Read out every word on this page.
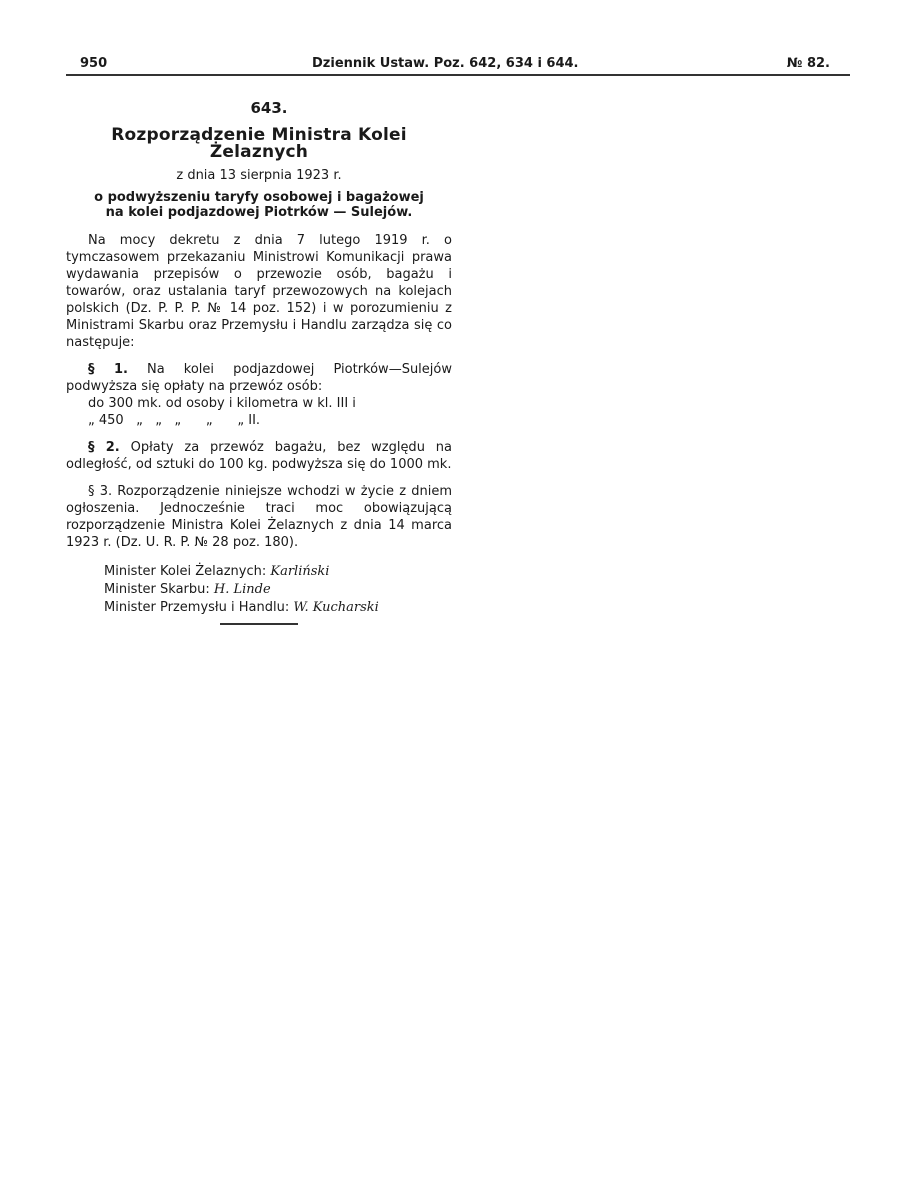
950	Dziennik Ustaw. Poz. 642, 634 i 644.	№ 82.
643.
Rozporządzenie Ministra Kolei Żelaznych
z dnia 13 sierpnia 1923 r.
o podwyższeniu taryfy osobowej i bagażowej
na kolei podjazdowej Piotrków — Sulejów.
Na mocy dekretu z dnia 7 lutego 1919 r. o tymczasowem przekazaniu Ministrowi Komunikacji prawa wydawania przepisów o przewozie osób, bagażu i towarów, oraz ustalania taryf przewozowych na kolejach polskich (Dz. P. P. P. № 14 poz. 152) i w porozumieniu z Ministrami Skarbu oraz Przemysłu i Handlu zarządza się co następuje:
§ 1. Na kolei podjazdowej Piotrków—Sulejów podwyższa się opłaty na przewóz osób:
do 300 mk. od osoby i kilometra w kl. III i
„ 450   „   „   „      „      „ II.
§ 2. Opłaty za przewóz bagażu, bez względu na odległość, od sztuki do 100 kg. podwyższa się do 1000 mk.
§ 3. Rozporządzenie niniejsze wchodzi w życie z dniem ogłoszenia. Jednocześnie traci moc obowiązującą rozporządzenie Ministra Kolei Żelaznych z dnia 14 marca 1923 r. (Dz. U. R. P. № 28 poz. 180).
Minister Kolei Żelaznych: Karliński
Minister Skarbu: H. Linde
Minister Przemysłu i Handlu: W. Kucharski
